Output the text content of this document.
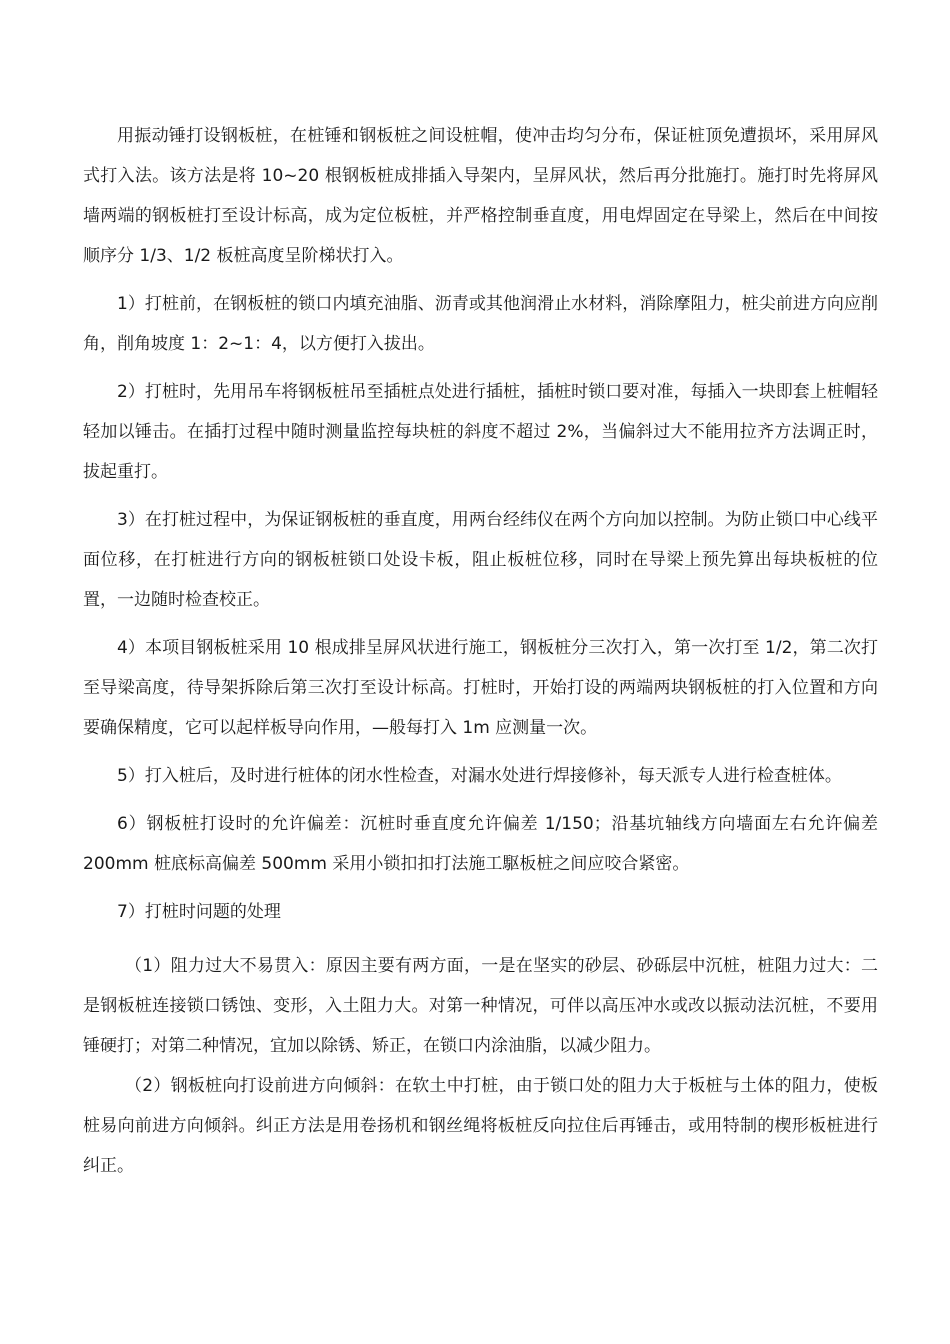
用振动锤打设钢板桩，在桩锤和钢板桩之间设桩帽，使冲击均匀分布，保证桩顶免遭损坏，采用屏风式打入法。该方法是将 10~20 根钢板桩成排插入导架内，呈屏风状，然后再分批施打。施打时先将屏风墙两端的钢板桩打至设计标高，成为定位板桩，并严格控制垂直度，用电焊固定在导梁上，然后在中间按顺序分 1/3、1/2 板桩高度呈阶梯状打入。

1）打桩前，在钢板桩的锁口内填充油脂、沥青或其他润滑止水材料，消除摩阻力，桩尖前进方向应削角，削角坡度 1：2~1：4，以方便打入拔出。

2）打桩时，先用吊车将钢板桩吊至插桩点处进行插桩，插桩时锁口要对准，每插入一块即套上桩帽轻轻加以锤击。在插打过程中随时测量监控每块桩的斜度不超过 2%，当偏斜过大不能用拉齐方法调正时，拔起重打。

3）在打桩过程中，为保证钢板桩的垂直度，用两台经纬仪在两个方向加以控制。为防止锁口中心线平面位移，在打桩进行方向的钢板桩锁口处设卡板，阻止板桩位移，同时在导梁上预先算出每块板桩的位置，一边随时检查校正。

4）本项目钢板桩采用 10 根成排呈屏风状进行施工，钢板桩分三次打入，第一次打至 1/2，第二次打至导梁高度，待导架拆除后第三次打至设计标高。打桩时，开始打设的两端两块钢板桩的打入位置和方向要确保精度，它可以起样板导向作用，—般每打入 1m 应测量一次。

5）打入桩后，及时进行桩体的闭水性检查，对漏水处进行焊接修补，每天派专人进行检查桩体。

6）钢板桩打设时的允许偏差：沉桩时垂直度允许偏差 1/150；沿基坑轴线方向墙面左右允许偏差 200mm 桩底标高偏差 500mm 采用小锁扣扣打法施工駆板桩之间应咬合紧密。

7）打桩时问题的处理

（1）阻力过大不易贯入：原因主要有两方面，一是在坚实的砂层、砂砾层中沉桩，桩阻力过大：二是钢板桩连接锁口锈蚀、变形，入土阻力大。对第一种情况，可伴以高压冲水或改以振动法沉桩，不要用锤硬打；对第二种情况，宜加以除锈、矫正，在锁口内涂油脂，以减少阻力。

（2）钢板桩向打设前进方向倾斜：在软土中打桩，由于锁口处的阻力大于板桩与土体的阻力，使板桩易向前进方向倾斜。纠正方法是用卷扬机和钢丝绳将板桩反向拉住后再锤击，或用特制的楔形板桩进行纠正。
